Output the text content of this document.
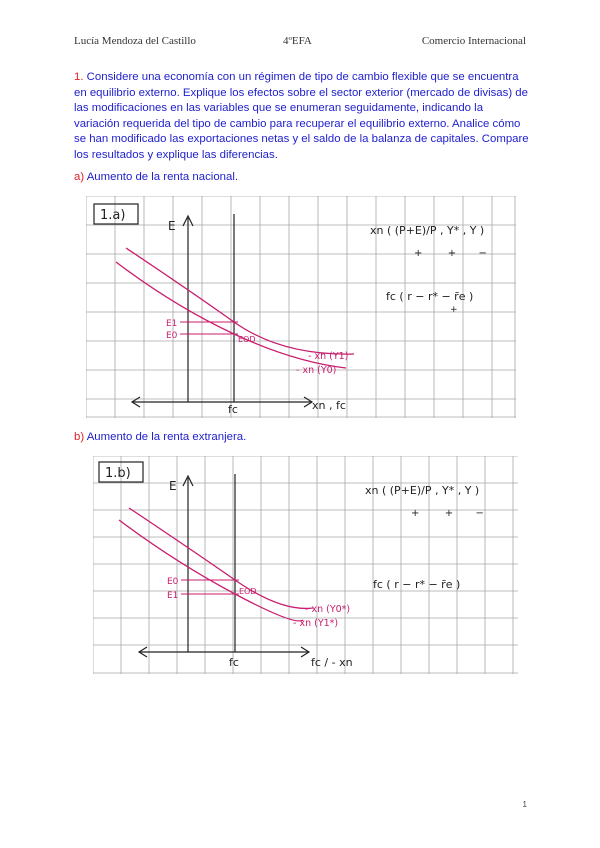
Lucía Mendoza del Castillo	4ºEFA	Comercio Internacional
1. Considere una economía con un régimen de tipo de cambio flexible que se encuentra en equilibrio externo. Explique los efectos sobre el sector exterior (mercado de divisas) de las modificaciones en las variables que se enumeran seguidamente, indicando la variación requerida del tipo de cambio para recuperar el equilibrio externo. Analice cómo se han modificado las exportaciones netas y el saldo de la balanza de capitales. Compare los resultados y explique las diferencias.
a) Aumento de la renta nacional.
1.a)
E
fc	xn , fc
E1
E0	EOD
- xn (Y1)
- xn (Y0)
xn ( (P+E)/P , Y* , Y )
+        +       −
fc ( r − r* − r̄e )
+
b) Aumento de la renta extranjera.
1.b)
E
fc	fc / - xn
E0
E1	EOD
- xn (Y0*)
- xn (Y1*)
xn ( (P+E)/P , Y* , Y )
+        +       −
fc ( r − r* − r̄e )
1
